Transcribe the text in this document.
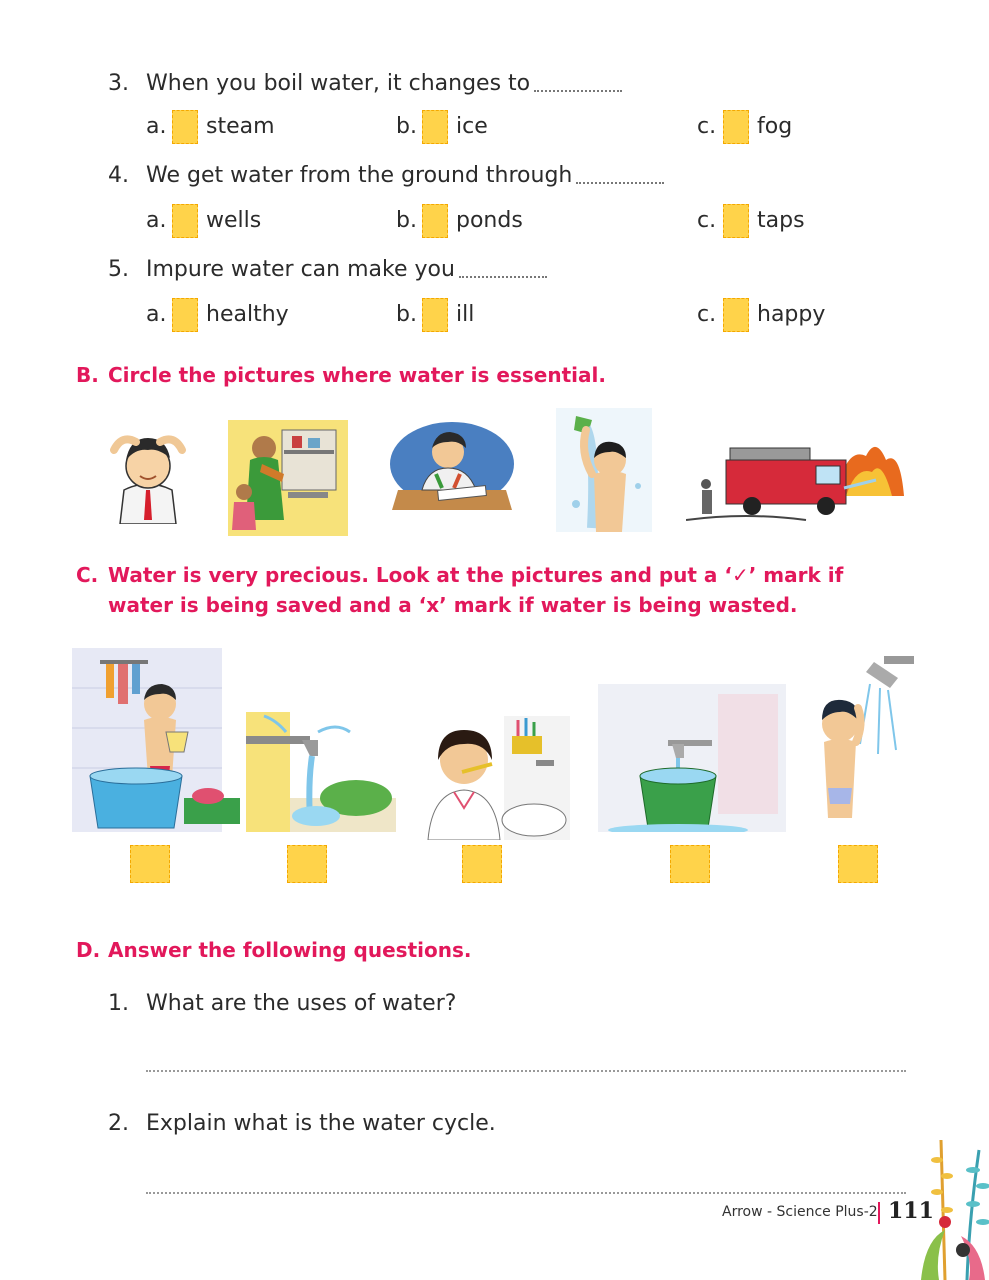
3. When you boil water, it changes to
a. steam	b. ice	c. fog
4. We get water from the ground through
a. wells	b. ponds	c. taps
5. Impure water can make you
a. healthy	b. ill	c. happy
B. Circle the pictures where water is essential.
C. Water is very precious. Look at the pictures and put a ‘✓’ mark if
water is being saved and a ‘x’ mark if water is being wasted.
D. Answer the following questions.
1. What are the uses of water?
2. Explain what is the water cycle.
Arrow - Science Plus-2 111
